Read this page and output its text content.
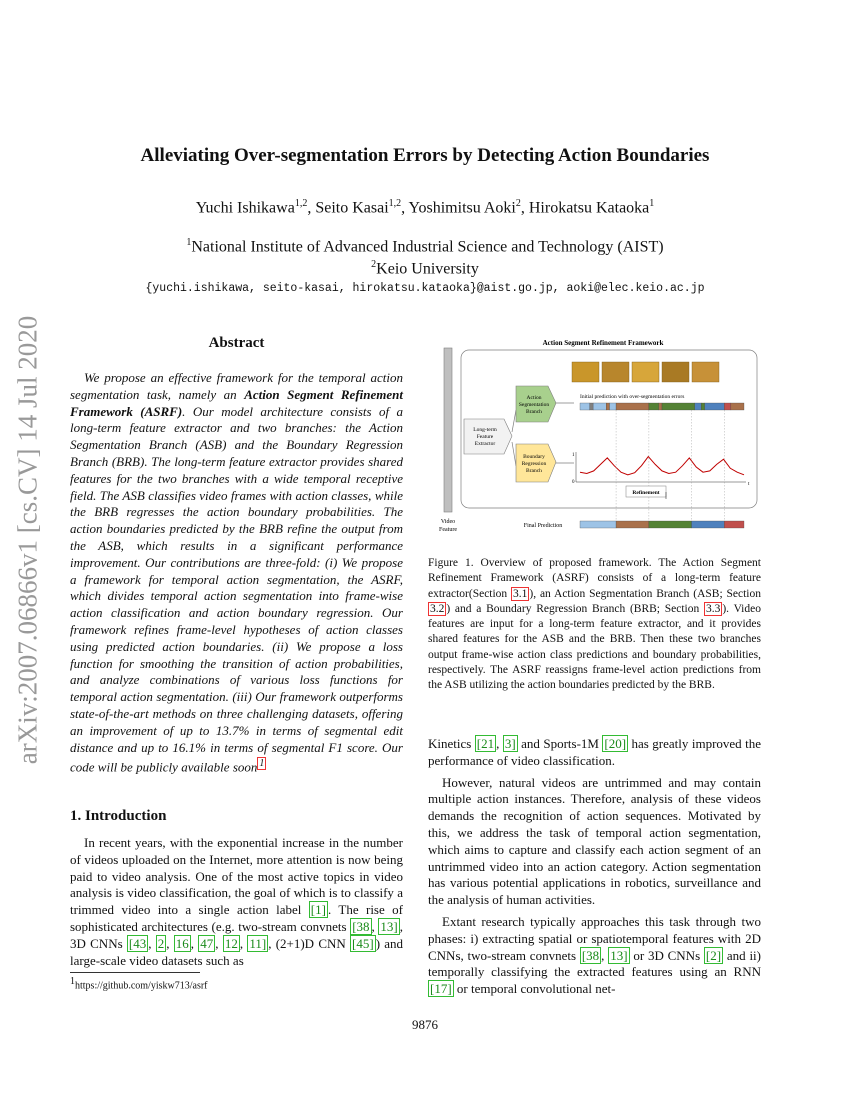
arXiv:2007.06866v1 [cs.CV] 14 Jul 2020
Alleviating Over-segmentation Errors by Detecting Action Boundaries
Yuchi Ishikawa$^{1,2}$, Seito Kasai$^{1,2}$, Yoshimitsu Aoki$^2$, Hirokatsu Kataoka$^1$
$^1$National Institute of Advanced Industrial Science and Technology (AIST)
$^2$Keio University
{yuchi.ishikawa, seito-kasai, hirokatsu.kataoka}@aist.go.jp, aoki@elec.keio.ac.jp
Abstract

We propose an effective framework for the temporal action segmentation task, namely an Action Segment Refinement Framework (ASRF). Our model architecture consists of a long-term feature extractor and two branches: the Action Segmentation Branch (ASB) and the Boundary Regression Branch (BRB). The long-term feature extractor provides shared features for the two branches with a wide temporal receptive field. The ASB classifies video frames with action classes, while the BRB regresses the action boundary probabilities. The action boundaries predicted by the BRB refine the output from the ASB, which results in a significant performance improvement. Our contributions are three-fold: (i) We propose a framework for temporal action segmentation, the ASRF, which divides temporal action segmentation into frame-wise action classification and action boundary regression. Our framework refines frame-level hypotheses of action classes using predicted action boundaries. (ii) We propose a loss function for smoothing the transition of action probabilities, and analyze combinations of various loss functions for temporal action segmentation. (iii) Our framework outperforms state-of-the-art methods on three challenging datasets, offering an improvement of up to 13.7% in terms of segmental edit distance and up to 16.1% in terms of segmental F1 score. Our code will be publicly available soon $^1$

1. Introduction

In recent years, with the exponential increase in the number of videos uploaded on the Internet, more attention is now being paid to video analysis. One of the most active topics in video analysis is video classification, the goal of which is to classify a trimmed video into a single action label [1] . The rise of sophisticated architectures (e.g. two-stream convnets [38 , 13] , 3D CNNs [43 , 2 , 16 , 47 , 12 , 11] , (2+1)D CNN [45] ) and large-scale video datasets such as

$^1$https://github.com/yiskw713/asrf
Action Segment Refinement Framework
Video
Feature
Long-term
Feature
Extractor
Action
Segmentation
Branch
Boundary
Regression
Branch
Initial prediction with over-segmentation errors
1
0	t
Refinement
Final Prediction
Figure 1. Overview of proposed framework. The Action Segment Refinement Framework (ASRF) consists of a long-term feature extractor(Section 3.1 ), an Action Segmentation Branch (ASB; Section 3.2 ) and a Boundary Regression Branch (BRB; Section 3.3 ). Video features are input for a long-term feature extractor, and it provides shared features for the ASB and the BRB. Then these two branches output frame-wise action class predictions and boundary probabilities, respectively. The ASRF reassigns frame-level action predictions from the ASB utilizing the action boundaries predicted by the BRB.

Kinetics [21 , 3] and Sports-1M [20] has greatly improved the performance of video classification.

However, natural videos are untrimmed and may contain multiple action instances. Therefore, analysis of these videos demands the recognition of action sequences. Motivated by this, we address the task of temporal action segmentation, which aims to capture and classify each action segment of an untrimmed video into an action category. Action segmentation has various potential applications in robotics, surveillance and the analysis of human activities.

Extant research typically approaches this task through two phases: i) extracting spatial or spatiotemporal features with 2D CNNs, two-stream convnets [38 , 13] or 3D CNNs [2] and ii) temporally classifying the extracted features using an RNN [17] or temporal convolutional net-

9876
